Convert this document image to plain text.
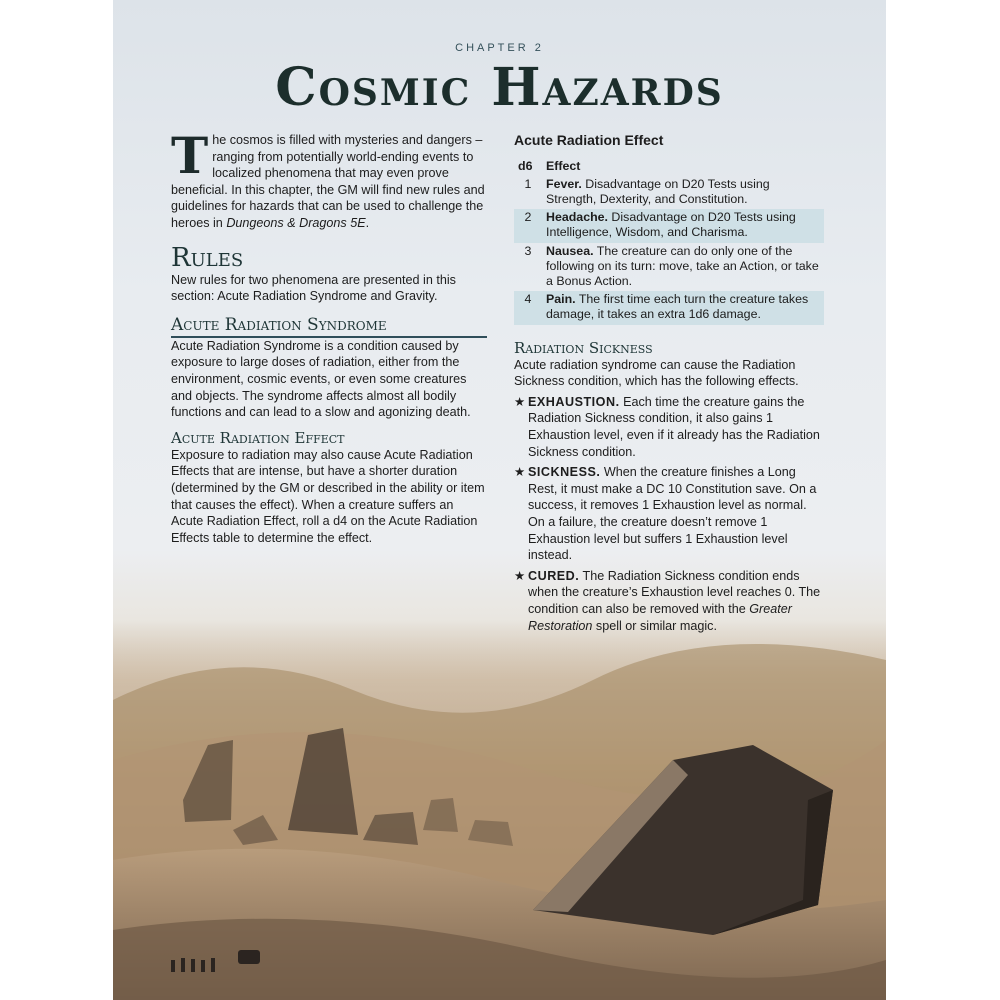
CHAPTER 2
Cosmic Hazards

The cosmos is filled with mysteries and dangers – ranging from potentially world-ending events to localized phenomena that may even prove beneficial. In this chapter, the GM will find new rules and guidelines for hazards that can be used to challenge the heroes in Dungeons & Dragons 5E.

Rules

New rules for two phenomena are presented in this section: Acute Radiation Syndrome and Gravity.

Acute Radiation Syndrome

Acute Radiation Syndrome is a condition caused by exposure to large doses of radiation, either from the environment, cosmic events, or even some creatures and objects. The syndrome affects almost all bodily functions and can lead to a slow and agonizing death.

Acute Radiation Effect

Exposure to radiation may also cause Acute Radiation Effects that are intense, but have a shorter duration (determined by the GM or described in the ability or item that causes the effect). When a creature suffers an Acute Radiation Effect, roll a d4 on the Acute Radiation Effects table to determine the effect.

Acute Radiation Effect
d6	Effect
1	Fever. Disadvantage on D20 Tests using Strength, Dexterity, and Constitution.
2	Headache. Disadvantage on D20 Tests using Intelligence, Wisdom, and Charisma.
3	Nausea. The creature can do only one of the following on its turn: move, take an Action, or take a Bonus Action.
4	Pain. The first time each turn the creature takes damage, it takes an extra 1d6 damage.
Radiation Sickness

Acute radiation syndrome can cause the Radiation Sickness condition, which has the following effects.

★ EXHAUSTION. Each time the creature gains the Radiation Sickness condition, it also gains 1 Exhaustion level, even if it already has the Radiation Sickness condition.
★ SICKNESS. When the creature finishes a Long Rest, it must make a DC 10 Constitution save. On a success, it removes 1 Exhaustion level as normal. On a failure, the creature doesn’t remove 1 Exhaustion level but suffers 1 Exhaustion level instead.
★ CURED. The Radiation Sickness condition ends when the creature’s Exhaustion level reaches 0. The condition can also be removed with the Greater Restoration spell or similar magic.
